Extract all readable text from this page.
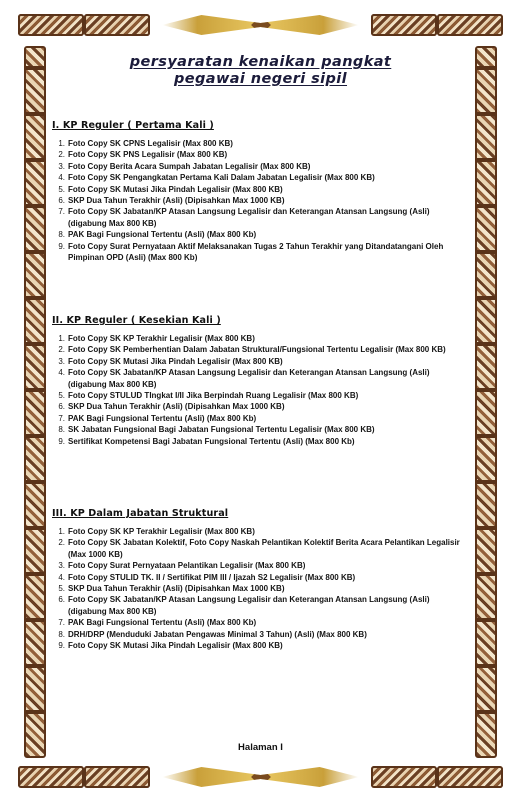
persyaratan kenaikan pangkat
pegawai negeri sipil
I. KP Reguler ( Pertama Kali )
1. Foto Copy SK CPNS Legalisir (Max 800 KB)
2. Foto Copy SK PNS Legalisir (Max 800 KB)
3. Foto Copy Berita Acara Sumpah Jabatan Legalisir (Max 800 KB)
4. Foto Copy SK Pengangkatan Pertama Kali Dalam Jabatan Legalisir (Max 800 KB)
5. Foto Copy SK Mutasi Jika Pindah Legalisir (Max 800 KB)
6. SKP Dua Tahun Terakhir (Asli) (Dipisahkan Max 1000 KB)
7. Foto Copy SK Jabatan/KP Atasan Langsung Legalisir dan Keterangan Atansan Langsung (Asli) (digabung Max 800 KB)
8. PAK Bagi Fungsional Tertentu (Asli) (Max 800 Kb)
9. Foto Copy Surat Pernyataan Aktif Melaksanakan Tugas 2 Tahun Terakhir yang Ditandatangani Oleh Pimpinan OPD (Asli) (Max 800 Kb)
II. KP Reguler ( Kesekian Kali )
1. Foto Copy SK KP Terakhir Legalisir (Max 800 KB)
2. Foto Copy SK Pemberhentian Dalam Jabatan Struktural/Fungsional Tertentu Legalisir (Max 800 KB)
3. Foto Copy SK Mutasi Jika Pindah Legalisir (Max 800 KB)
4. Foto Copy SK Jabatan/KP Atasan Langsung Legalisir dan Keterangan Atansan Langsung (Asli) (digabung Max 800 KB)
5. Foto Copy STULUD TIngkat I/II Jika Berpindah Ruang Legalisir (Max 800 KB)
6. SKP Dua Tahun Terakhir (Asli) (Dipisahkan Max 1000 KB)
7. PAK Bagi Fungsional Tertentu (Asli) (Max 800 Kb)
8. SK Jabatan Fungsional Bagi Jabatan Fungsional Tertentu Legalisir (Max 800 KB)
9. Sertifikat Kompetensi Bagi Jabatan Fungsional Tertentu (Asli) (Max 800 Kb)
III. KP Dalam Jabatan Struktural
1. Foto Copy SK KP Terakhir Legalisir (Max 800 KB)
2. Foto Copy SK Jabatan Kolektif, Foto Copy Naskah Pelantikan Kolektif Berita Acara Pelantikan Legalisir (Max 1000 KB)
3. Foto Copy Surat Pernyataan Pelantikan Legalisir (Max 800 KB)
4. Foto Copy STULID TK. II / Sertifikat PIM III / Ijazah S2 Legalisir (Max 800 KB)
5. SKP Dua Tahun Terakhir (Asli) (Dipisahkan Max 1000 KB)
6. Foto Copy SK Jabatan/KP Atasan Langsung Legalisir dan Keterangan Atansan Langsung (Asli) (digabung Max 800 KB)
7. PAK Bagi Fungsional Tertentu (Asli) (Max 800 Kb)
8. DRH/DRP (Menduduki Jabatan Pengawas Minimal 3 Tahun) (Asli) (Max 800 KB)
9. Foto Copy SK Mutasi Jika Pindah Legalisir (Max 800 KB)
Halaman I
